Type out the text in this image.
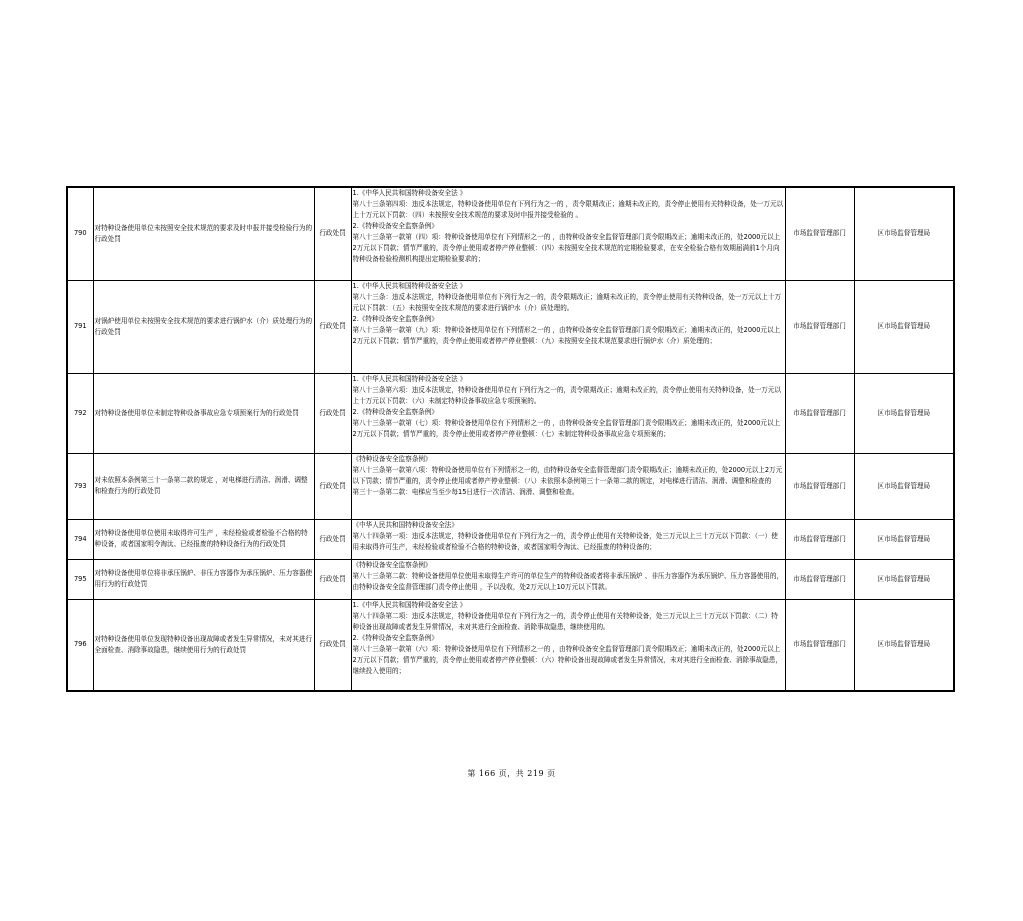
790	对特种设备使用单位未按照安全技术规范的要求及时申报并接受检验行为的行政处罚	行政处罚	1.《中华人民共和国特种设备安全法 》
第八十三条第四项：违反本法规定，特种设备使用单位有下列行为之一的 ，责令限期改正；逾期未改正的，责令停止使用有关特种设备，处一万元以上十万元以下罚款：（四）未按照安全技术规范的要求及时申报并接受检验的 。
2.《特种设备安全监察条例》
第八十三条第一款第（四）项：特种设备使用单位有下列情形之一的 ，由特种设备安全监督管理部门责令限期改正；逾期未改正的，处2000元以上2万元以下罚款；情节严重的，责令停止使用或者停产停业整顿：（四）未按照安全技术规范的定期检验要求，在安全检验合格有效期届满前1个月向特种设备检验检测机构提出定期检验要求的；	市场监督管理部门	区市场监督管理局
791	对锅炉使用单位未按照安全技术规范的要求进行锅炉水（介）质处理行为的行政处罚	行政处罚	1.《中华人民共和国特种设备安全法 》
第八十三条：违反本法规定，特种设备使用单位有下列行为之一的，责令限期改正；逾期未改正的，责令停止使用有关特种设备，处一万元以上十万元以下罚款：（五）未按照安全技术规范的要求进行锅炉水（介）质处理的。
2.《特种设备安全监察条例》
第八十三条第一款第（九）项：特种设备使用单位有下列情形之一的 ，由特种设备安全监督管理部门责令限期改正；逾期未改正的，处2000元以上2万元以下罚款；情节严重的，责令停止使用或者停产停业整顿：（九）未按照安全技术规范要求进行锅炉水（介）质处理的；	市场监督管理部门	区市场监督管理局
792	对特种设备使用单位未制定特种设备事故应急专项预案行为的行政处罚	行政处罚	1.《中华人民共和国特种设备安全法 》
第八十三条第六项：违反本法规定，特种设备使用单位有下列行为之一的，责令限期改正；逾期未改正的，责令停止使用有关特种设备，处一万元以上十万元以下罚款：（六）未制定特种设备事故应急专项预案的。
2.《特种设备安全监察条例》
第八十三条第一款第（七）项：特种设备使用单位有下列情形之一的 ，由特种设备安全监督管理部门责令限期改正；逾期未改正的，处2000元以上2万元以下罚款；情节严重的，责令停止使用或者停产停业整顿：（七）未制定特种设备事故应急专项预案的；	市场监督管理部门	区市场监督管理局
793	对未依照本条例第三十一条第二款的规定 ，对电梯进行清洁、润滑、调整和检查行为的行政处罚	行政处罚	《特种设备安全监察条例》
第八十三条第一款第八项：特种设备使用单位有下列情形之一的，由特种设备安全监督管理部门责令限期改正；逾期未改正的，处2000元以上2万元以下罚款；情节严重的，责令停止使用或者停产停业整顿：（八）未依照本条例第三十一条第二款的规定，对电梯进行清洁、润滑、调整和检查的
第三十一条第二款：电梯应当至少每15日进行一次清洁、润滑、调整和检查。	市场监督管理部门	区市场监督管理局
794	对特种设备使用单位使用未取得许可生产 ，未经检验或者检验不合格的特种设备，或者国家明令淘汰、已经报废的特种设备行为的行政处罚	行政处罚	《中华人民共和国特种设备安全法》
第八十四条第一项：违反本法规定，特种设备使用单位有下列行为之一的，责令停止使用有关特种设备，处三万元以上三十万元以下罚款：（一）使用未取得许可生产，未经检验或者检验不合格的特种设备，或者国家明令淘汰、已经报废的特种设备的；	市场监督管理部门	区市场监督管理局
795	对特种设备使用单位将非承压锅炉、非压力容器作为承压锅炉、压力容器使用行为的行政处罚	行政处罚	《特种设备安全监察条例》
第八十三条第二款：特种设备使用单位使用未取得生产许可的单位生产的特种设备或者将非承压锅炉 、非压力容器作为承压锅炉、压力容器使用的，由特种设备安全监督管理部门责令停止使用 ，予以没收，处2万元以上10万元以下罚款。	市场监督管理部门	区市场监督管理局
796	对特种设备使用单位发现特种设备出现故障或者发生异常情况，未对其进行全面检查、消除事故隐患，继续使用行为的行政处罚	行政处罚	1.《中华人民共和国特种设备安全法 》
第八十四条第二项：违反本法规定，特种设备使用单位有下列行为之一的，责令停止使用有关特种设备，处三万元以上三十万元以下罚款：（二）特种设备出现故障或者发生异常情况，未对其进行全面检查、消除事故隐患，继续使用的。
2.《特种设备安全监察条例》
第八十三条第一款第（六）项：特种设备使用单位有下列情形之一的 ，由特种设备安全监督管理部门责令限期改正；逾期未改正的，处2000元以上2万元以下罚款；情节严重的，责令停止使用或者停产停业整顿：（六）特种设备出现故障或者发生异常情况，未对其进行全面检查、消除事故隐患，继续投入使用的；	市场监督管理部门	区市场监督管理局
第 166 页，共 219 页
